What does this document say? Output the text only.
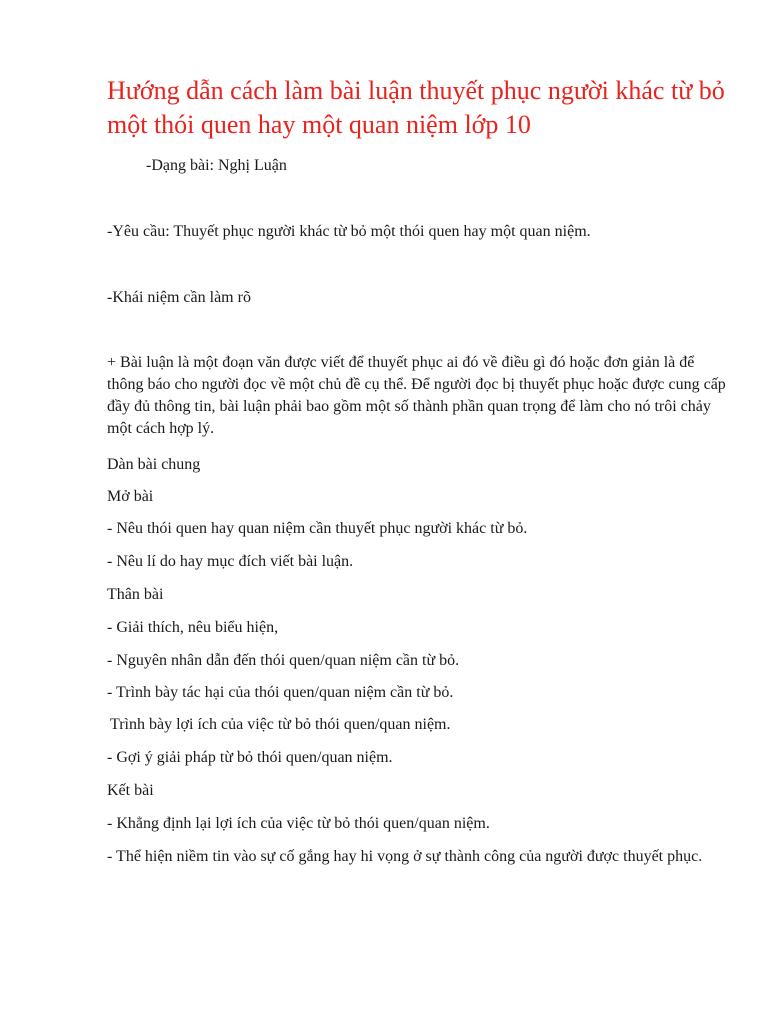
Hướng dẫn cách làm bài luận thuyết phục người khác từ bỏ một thói quen hay một quan niệm lớp 10

-Dạng bài: Nghị Luận

-Yêu cầu: Thuyết phục người khác từ bỏ một thói quen hay một quan niệm.

-Khái niệm cần làm rõ

+ Bài luận là một đoạn văn được viết để thuyết phục ai đó về điều gì đó hoặc đơn giản là để thông báo cho người đọc về một chủ đề cụ thể. Để người đọc bị thuyết phục hoặc được cung cấp đầy đủ thông tin, bài luận phải bao gồm một số thành phần quan trọng để làm cho nó trôi chảy một cách hợp lý.

Dàn bài chung

Mở bài

- Nêu thói quen hay quan niệm cần thuyết phục người khác từ bỏ.

- Nêu lí do hay mục đích viết bài luận.

Thân bài

- Giải thích, nêu biểu hiện,

- Nguyên nhân dẫn đến thói quen/quan niệm cần từ bỏ.

- Trình bày tác hại của thói quen/quan niệm cần từ bỏ.

Trình bày lợi ích của việc từ bỏ thói quen/quan niệm.

- Gợi ý giải pháp từ bỏ thói quen/quan niệm.

Kết bài

- Khẳng định lại lợi ích của việc từ bỏ thói quen/quan niệm.

- Thể hiện niềm tin vào sự cố gắng hay hi vọng ở sự thành công của người được thuyết phục.
